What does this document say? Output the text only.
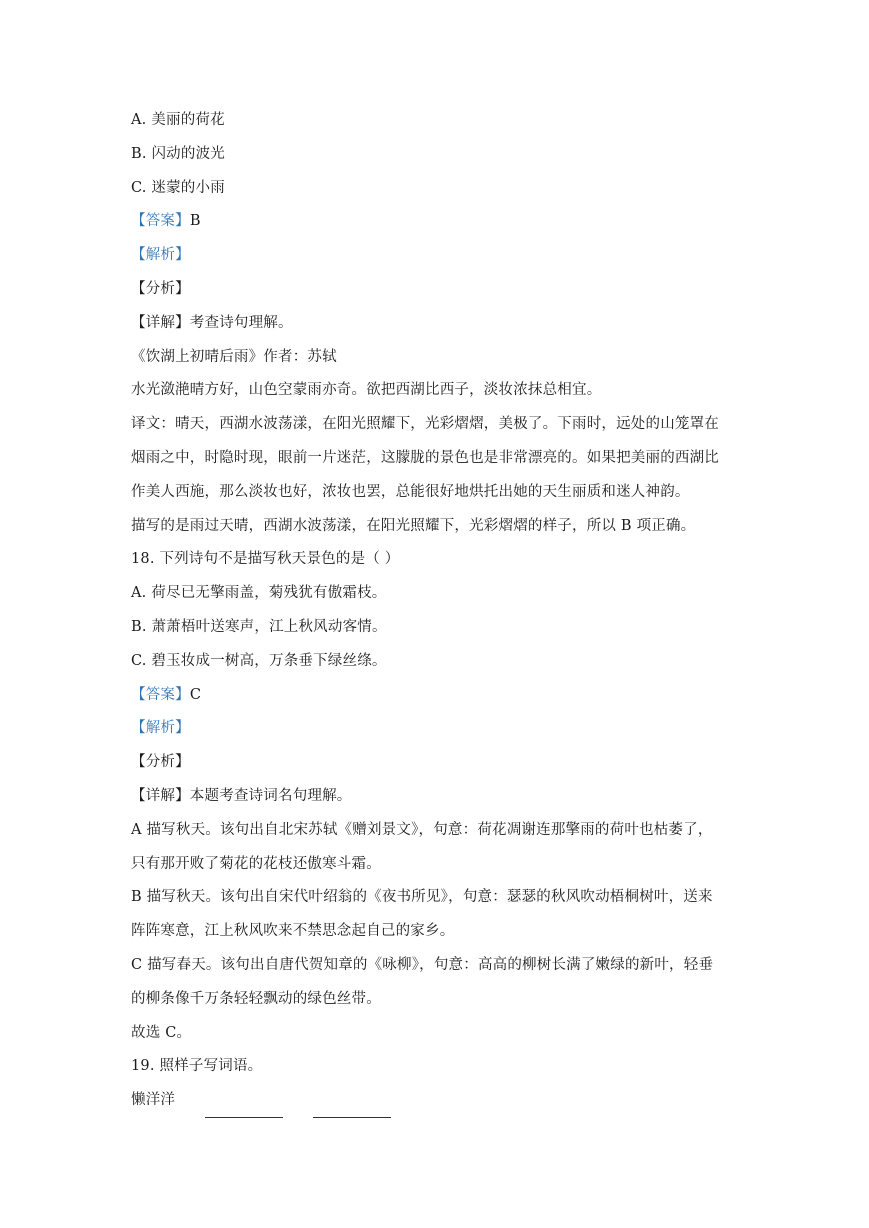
A. 美丽的荷花
B. 闪动的波光
C. 迷蒙的小雨
【答案】B
【解析】
【分析】
【详解】考查诗句理解。
《饮湖上初晴后雨》作者：苏轼
水光潋滟晴方好，山色空蒙雨亦奇。欲把西湖比西子，淡妆浓抹总相宜。
译文：晴天，西湖水波荡漾，在阳光照耀下，光彩熠熠，美极了。下雨时，远处的山笼罩在
烟雨之中，时隐时现，眼前一片迷茫，这朦胧的景色也是非常漂亮的。如果把美丽的西湖比
作美人西施，那么淡妆也好，浓妆也罢，总能很好地烘托出她的天生丽质和迷人神韵。
描写的是雨过天晴，西湖水波荡漾，在阳光照耀下，光彩熠熠的样子，所以 B 项正确。
18. 下列诗句不是描写秋天景色的是（ ）
A. 荷尽已无擎雨盖，菊残犹有傲霜枝。
B. 萧萧梧叶送寒声，江上秋风动客情。
C. 碧玉妆成一树高，万条垂下绿丝绦。
【答案】C
【解析】
【分析】
【详解】本题考查诗词名句理解。
A 描写秋天。该句出自北宋苏轼《赠刘景文》，句意：荷花凋谢连那擎雨的荷叶也枯萎了，
只有那开败了菊花的花枝还傲寒斗霜。
B 描写秋天。该句出自宋代叶绍翁的《夜书所见》，句意：瑟瑟的秋风吹动梧桐树叶，送来
阵阵寒意，江上秋风吹来不禁思念起自己的家乡。
C 描写春天。该句出自唐代贺知章的《咏柳》，句意：高高的柳树长满了嫩绿的新叶，轻垂
的柳条像千万条轻轻飘动的绿色丝带。
故选 C。
19. 照样子写词语。
懒洋洋
